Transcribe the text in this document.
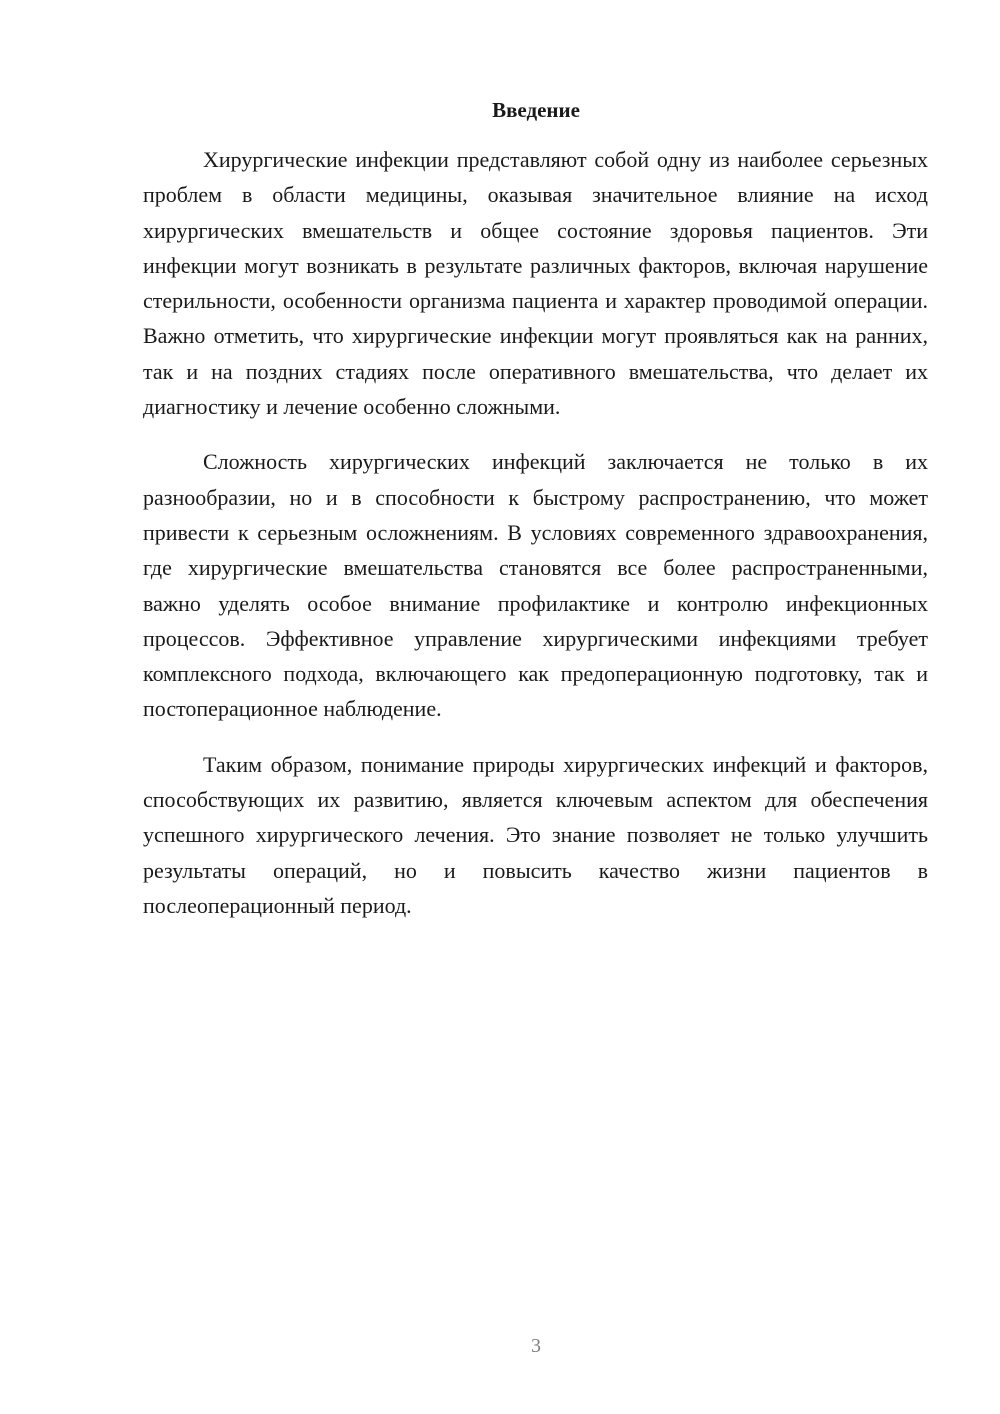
Введение

Хирургические инфекции представляют собой одну из наиболее серьезных проблем в области медицины, оказывая значительное влияние на исход хирургических вмешательств и общее состояние здоровья пациентов. Эти инфекции могут возникать в результате различных факторов, включая нарушение стерильности, особенности организма пациента и характер проводимой операции. Важно отметить, что хирургические инфекции могут проявляться как на ранних, так и на поздних стадиях после оперативного вмешательства, что делает их диагностику и лечение особенно сложными.

Сложность хирургических инфекций заключается не только в их разнообразии, но и в способности к быстрому распространению, что может привести к серьезным осложнениям. В условиях современного здравоохранения, где хирургические вмешательства становятся все более распространенными, важно уделять особое внимание профилактике и контролю инфекционных процессов. Эффективное управление хирургическими инфекциями требует комплексного подхода, включающего как предоперационную подготовку, так и постоперационное наблюдение.

Таким образом, понимание природы хирургических инфекций и факторов, способствующих их развитию, является ключевым аспектом для обеспечения успешного хирургического лечения. Это знание позволяет не только улучшить результаты операций, но и повысить качество жизни пациентов в послеоперационный период.

3
